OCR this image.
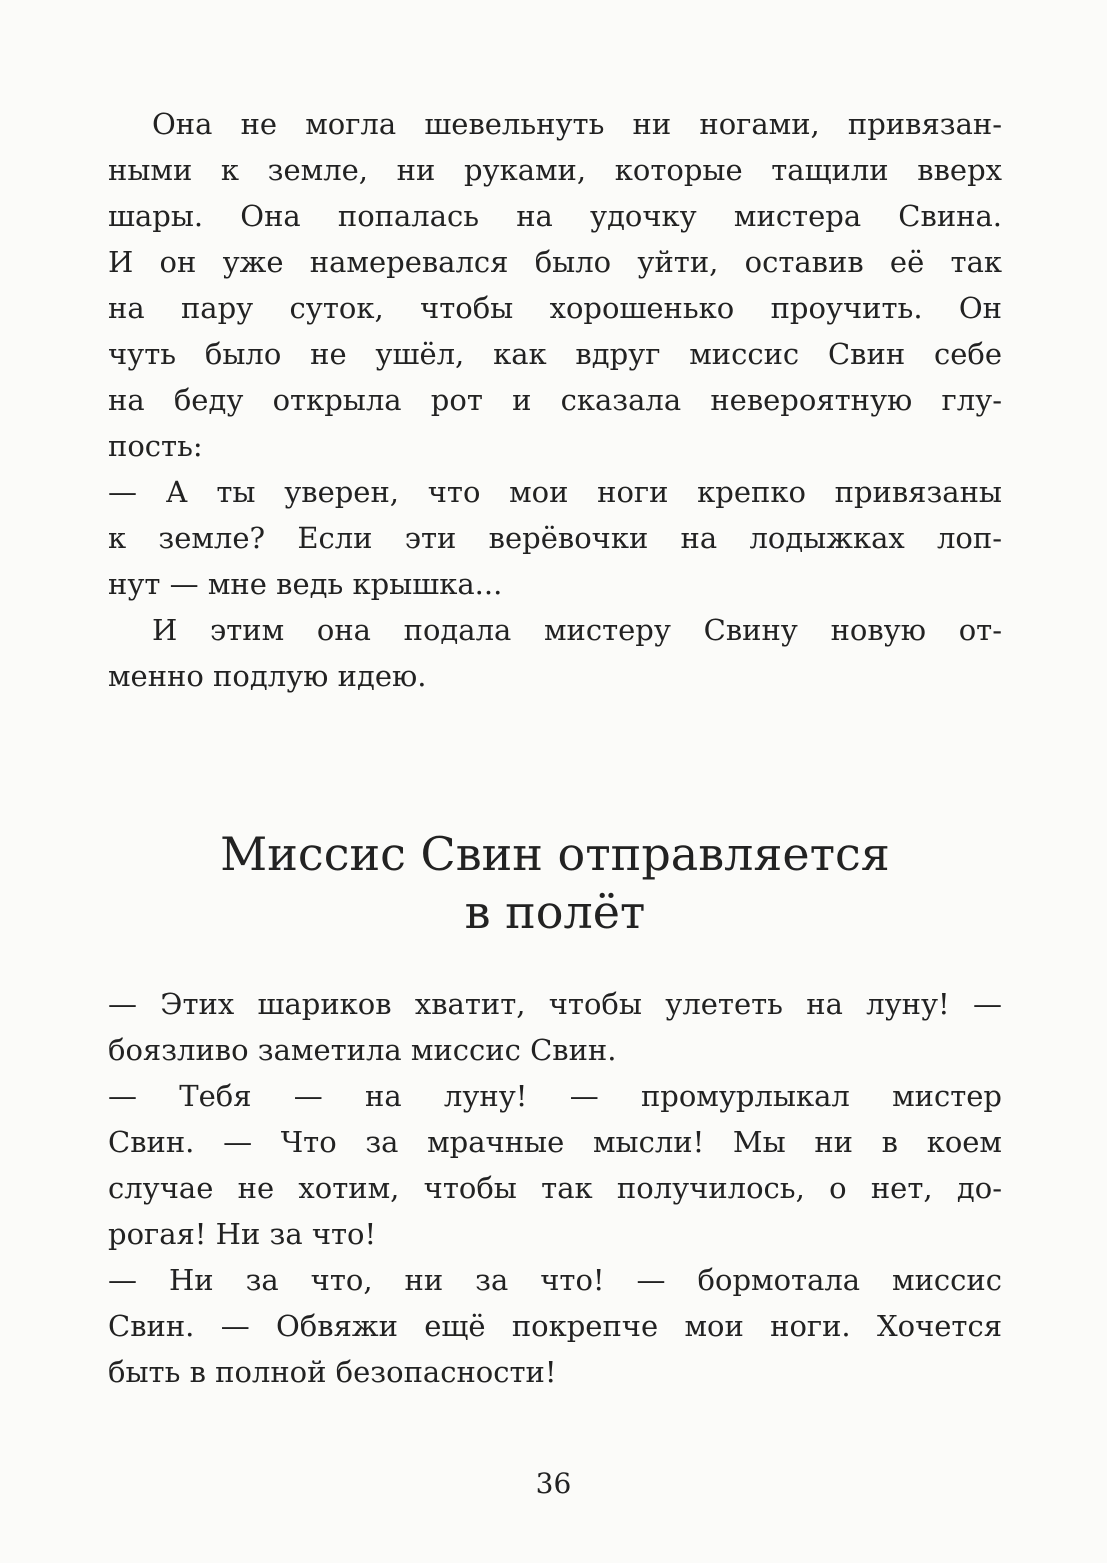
Она не могла шевельнуть ни ногами, привязан-
ными к земле, ни руками, которые тащили вверх
шары. Она попалась на удочку мистера Свина.
И он уже намеревался было уйти, оставив её так
на пару суток, чтобы хорошенько проучить. Он
чуть было не ушёл, как вдруг миссис Свин себе
на беду открыла рот и сказала невероятную глу-
пость:
— А ты уверен, что мои ноги крепко привязаны
к земле? Если эти верёвочки на лодыжках лоп-
нут — мне ведь крышка...
И этим она подала мистеру Свину новую от-
менно подлую идею.
Миссис Свин отправляется
в полёт
— Этих шариков хватит, чтобы улететь на луну! —
боязливо заметила миссис Свин.
— Тебя — на луну! — промурлыкал мистер
Свин. — Что за мрачные мысли! Мы ни в коем
случае не хотим, чтобы так получилось, о нет, до-
рогая! Ни за что!
— Ни за что, ни за что! — бормотала миссис
Свин. — Обвяжи ещё покрепче мои ноги. Хочется
быть в полной безопасности!
36
